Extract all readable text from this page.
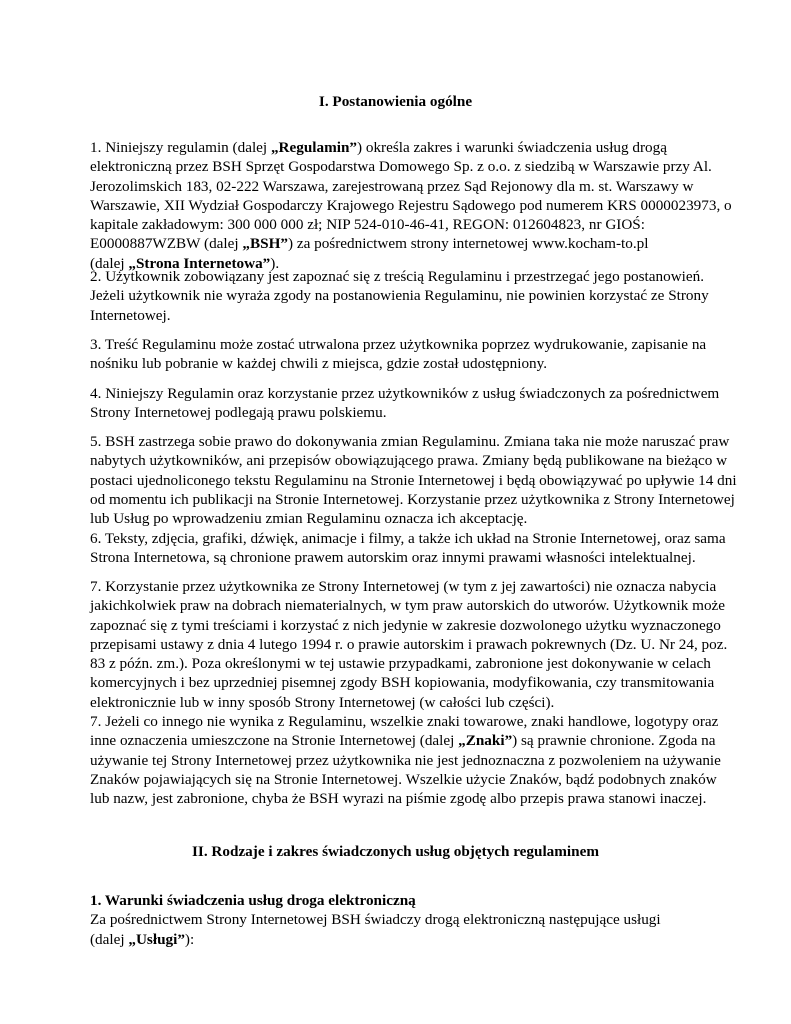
I. Postanowienia ogólne
1. Niniejszy regulamin (dalej „Regulamin”) określa zakres i warunki świadczenia usług drogą
elektroniczną przez BSH Sprzęt Gospodarstwa Domowego Sp. z o.o. z siedzibą w Warszawie przy Al.
Jerozolimskich 183, 02-222 Warszawa, zarejestrowaną przez Sąd Rejonowy dla m. st. Warszawy w
Warszawie, XII Wydział Gospodarczy Krajowego Rejestru Sądowego pod numerem KRS 0000023973, o
kapitale zakładowym: 300 000 000 zł; NIP 524-010-46-41, REGON: 012604823, nr GIOŚ:
E0000887WZBW (dalej „BSH”) za pośrednictwem strony internetowej www.kocham-to.pl
(dalej „Strona Internetowa”).
2. Użytkownik zobowiązany jest zapoznać się z treścią Regulaminu i przestrzegać jego postanowień.
Jeżeli użytkownik nie wyraża zgody na postanowienia Regulaminu, nie powinien korzystać ze Strony
Internetowej.
3. Treść Regulaminu może zostać utrwalona przez użytkownika poprzez wydrukowanie, zapisanie na
nośniku lub pobranie w każdej chwili z miejsca, gdzie został udostępniony.
4. Niniejszy Regulamin oraz korzystanie przez użytkowników z usług świadczonych za pośrednictwem
Strony Internetowej podlegają prawu polskiemu.
5. BSH zastrzega sobie prawo do dokonywania zmian Regulaminu. Zmiana taka nie może naruszać praw
nabytych użytkowników, ani przepisów obowiązującego prawa. Zmiany będą publikowane na bieżąco w
postaci ujednoliconego tekstu Regulaminu na Stronie Internetowej i będą obowiązywać po upływie 14 dni
od momentu ich publikacji na Stronie Internetowej. Korzystanie przez użytkownika z Strony Internetowej
lub Usług po wprowadzeniu zmian Regulaminu oznacza ich akceptację.
6. Teksty, zdjęcia, grafiki, dźwięk, animacje i filmy, a także ich układ na Stronie Internetowej, oraz sama
Strona Internetowa, są chronione prawem autorskim oraz innymi prawami własności intelektualnej.
7. Korzystanie przez użytkownika ze Strony Internetowej (w tym z jej zawartości) nie oznacza nabycia
jakichkolwiek praw na dobrach niematerialnych, w tym praw autorskich do utworów. Użytkownik może
zapoznać się z tymi treściami i korzystać z nich jedynie w zakresie dozwolonego użytku wyznaczonego
przepisami ustawy z dnia 4 lutego 1994 r. o prawie autorskim i prawach pokrewnych (Dz. U. Nr 24, poz.
83 z późn. zm.). Poza określonymi w tej ustawie przypadkami, zabronione jest dokonywanie w celach
komercyjnych i bez uprzedniej pisemnej zgody BSH kopiowania, modyfikowania, czy transmitowania
elektronicznie lub w inny sposób Strony Internetowej (w całości lub części).
7. Jeżeli co innego nie wynika z Regulaminu, wszelkie znaki towarowe, znaki handlowe, logotypy oraz
inne oznaczenia umieszczone na Stronie Internetowej (dalej „Znaki”) są prawnie chronione. Zgoda na
używanie tej Strony Internetowej przez użytkownika nie jest jednoznaczna z pozwoleniem na używanie
Znaków pojawiających się na Stronie Internetowej. Wszelkie użycie Znaków, bądź podobnych znaków
lub nazw, jest zabronione, chyba że BSH wyrazi na piśmie zgodę albo przepis prawa stanowi inaczej.
II. Rodzaje i zakres świadczonych usług objętych regulaminem
1. Warunki świadczenia usług droga elektroniczną
Za pośrednictwem Strony Internetowej BSH świadczy drogą elektroniczną następujące usługi
(dalej „Usługi”):
